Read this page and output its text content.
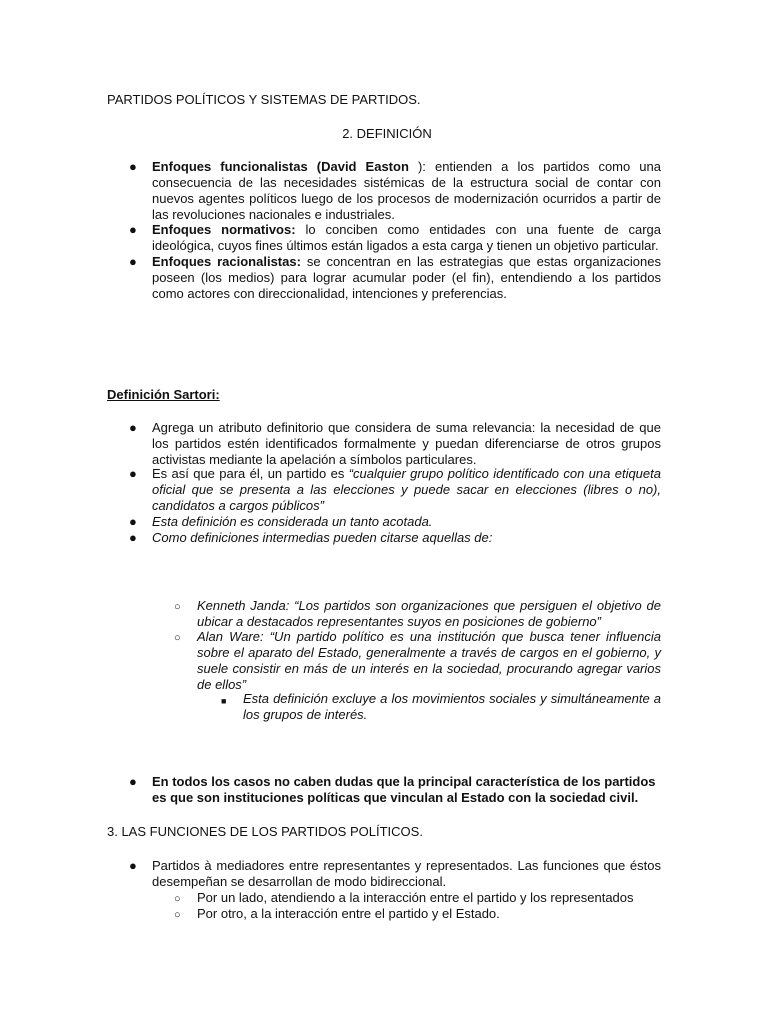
PARTIDOS POLÍTICOS Y SISTEMAS DE PARTIDOS.
2. DEFINICIÓN
● Enfoques funcionalistas (David Easton ): entienden a los partidos como una consecuencia de las necesidades sistémicas de la estructura social de contar con nuevos agentes políticos luego de los procesos de modernización ocurridos a partir de las revoluciones nacionales e industriales.
● Enfoques normativos: lo conciben como entidades con una fuente de carga ideológica, cuyos fines últimos están ligados a esta carga y tienen un objetivo particular.
● Enfoques racionalistas: se concentran en las estrategias que estas organizaciones poseen (los medios) para lograr acumular poder (el fin), entendiendo a los partidos como actores con direccionalidad, intenciones y preferencias.
Definición Sartori:
● Agrega un atributo definitorio que considera de suma relevancia: la necesidad de que los partidos estén identificados formalmente y puedan diferenciarse de otros grupos activistas mediante la apelación a símbolos particulares.
● Es así que para él, un partido es “cualquier grupo político identificado con una etiqueta oficial que se presenta a las elecciones y puede sacar en elecciones (libres o no), candidatos a cargos públicos”
● Esta definición es considerada un tanto acotada.
● Como definiciones intermedias pueden citarse aquellas de:
○ Kenneth Janda: “Los partidos son organizaciones que persiguen el objetivo de ubicar a destacados representantes suyos en posiciones de gobierno”
○ Alan Ware: “Un partido político es una institución que busca tener influencia sobre el aparato del Estado, generalmente a través de cargos en el gobierno, y suele consistir en más de un interés en la sociedad, procurando agregar varios de ellos”
■ Esta definición excluye a los movimientos sociales y simultáneamente a los grupos de interés.
● En todos los casos no caben dudas que la principal característica de los partidos es que son instituciones políticas que vinculan al Estado con la sociedad civil.
3. LAS FUNCIONES DE LOS PARTIDOS POLÍTICOS.
● Partidos à mediadores entre representantes y representados. Las funciones que éstos desempeñan se desarrollan de modo bidireccional.
○ Por un lado, atendiendo a la interacción entre el partido y los representados
○ Por otro, a la interacción entre el partido y el Estado.
